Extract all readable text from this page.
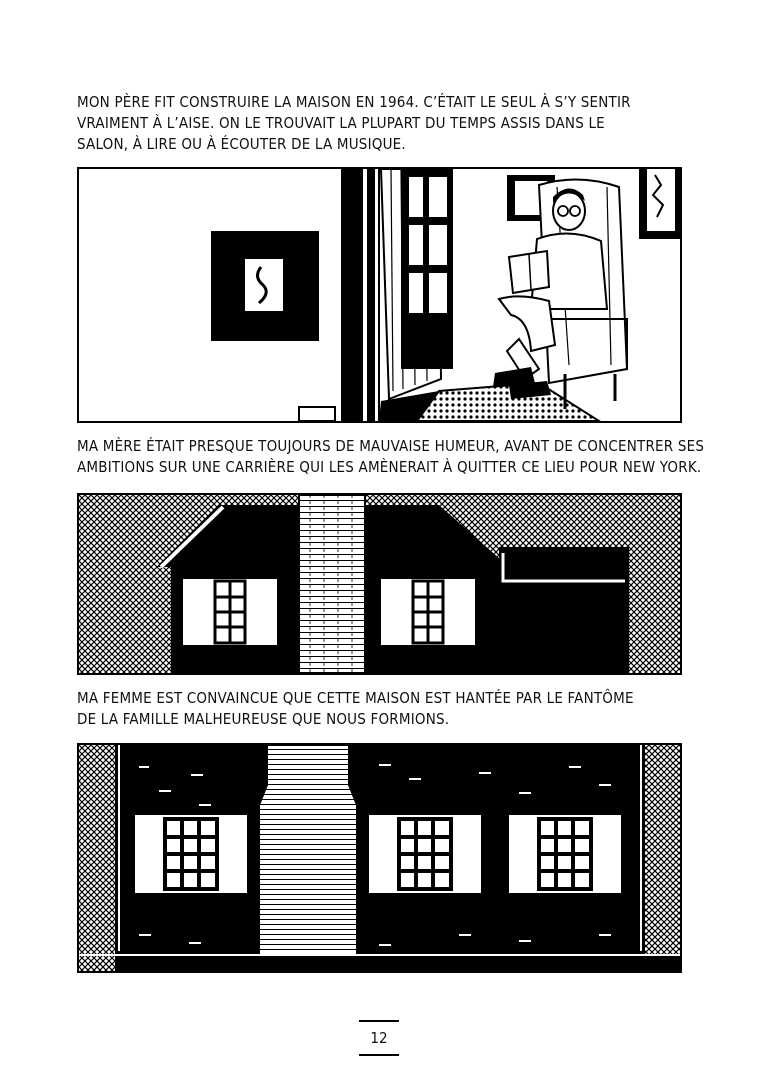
MON PÈRE FIT CONSTRUIRE LA MAISON EN 1964. C’ÉTAIT LE SEUL À S’Y SENTIR
VRAIMENT À L’AISE. ON LE TROUVAIT LA PLUPART DU TEMPS ASSIS DANS LE
SALON, À LIRE OU À ÉCOUTER DE LA MUSIQUE.
MA MÈRE ÉTAIT PRESQUE TOUJOURS DE MAUVAISE HUMEUR, AVANT DE CONCENTRER SES
AMBITIONS SUR UNE CARRIÈRE QUI LES AMÈNERAIT À QUITTER CE LIEU POUR NEW YORK.
MA FEMME EST CONVAINCUE QUE CETTE MAISON EST HANTÉE PAR LE FANTÔME
DE LA FAMILLE MALHEUREUSE QUE NOUS FORMIONS.
12
